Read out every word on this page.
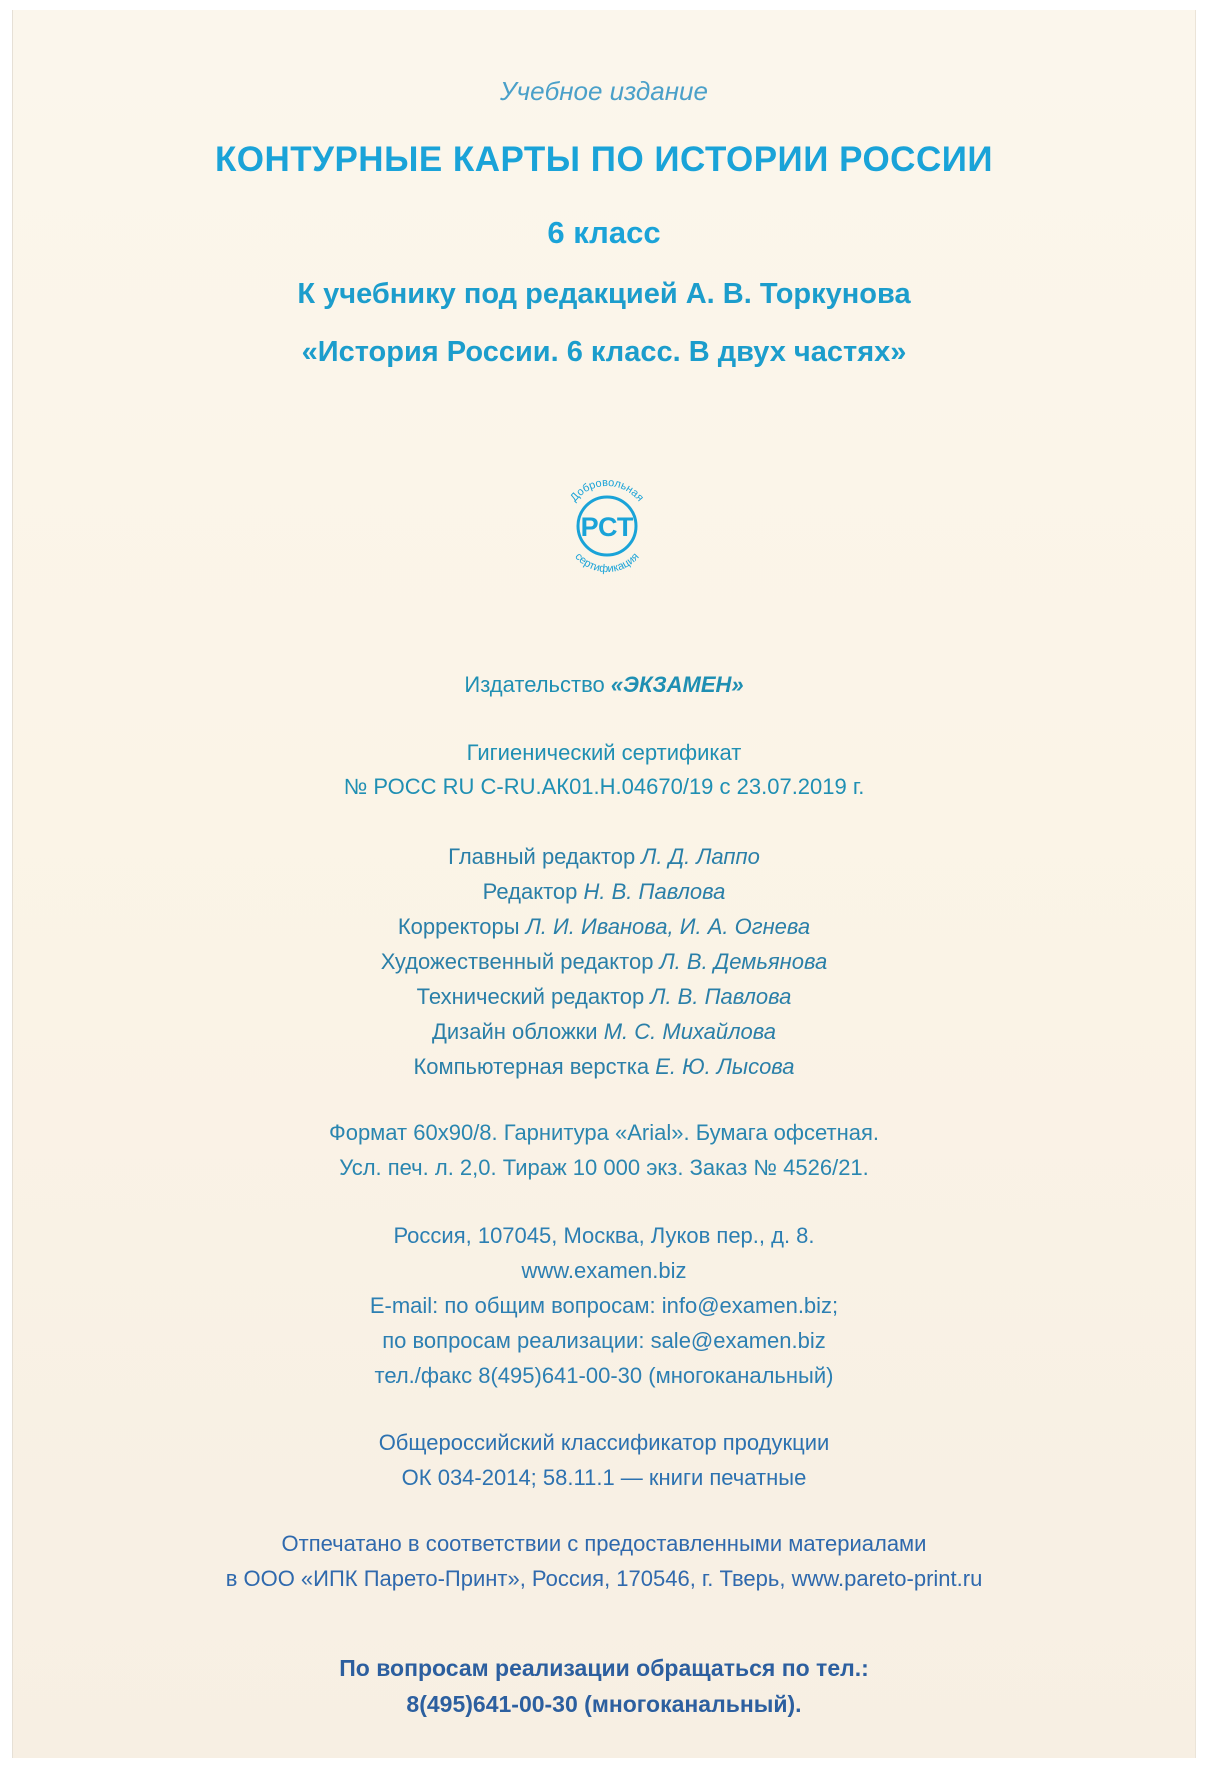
Учебное издание
КОНТУРНЫЕ КАРТЫ ПО ИСТОРИИ РОССИИ
6 класс
К учебнику под редакцией А. В. Торкунова
«История России. 6 класс. В двух частях»
Добровольная
сертификация
РСТ
Издательство «ЭКЗАМЕН»
Гигиенический сертификат
№ РОСС RU C-RU.АК01.Н.04670/19 с 23.07.2019 г.
Главный редактор Л. Д. Лаппо
Редактор Н. В. Павлова
Корректоры Л. И. Иванова, И. А. Огнева
Художественный редактор Л. В. Демьянова
Технический редактор Л. В. Павлова
Дизайн обложки М. С. Михайлова
Компьютерная верстка Е. Ю. Лысова
Формат 60x90/8. Гарнитура «Arial». Бумага офсетная.
Усл. печ. л. 2,0. Тираж 10 000 экз. Заказ № 4526/21.
Россия, 107045, Москва, Луков пер., д. 8.
www.examen.biz
E-mail: по общим вопросам: info@examen.biz;
по вопросам реализации: sale@examen.biz
тел./факс 8(495)641-00-30 (многоканальный)
Общероссийский классификатор продукции
ОК 034-2014; 58.11.1 — книги печатные
Отпечатано в соответствии с предоставленными материалами
в ООО «ИПК Парето-Принт», Россия, 170546, г. Тверь, www.pareto-print.ru
По вопросам реализации обращаться по тел.:
8(495)641-00-30 (многоканальный).
